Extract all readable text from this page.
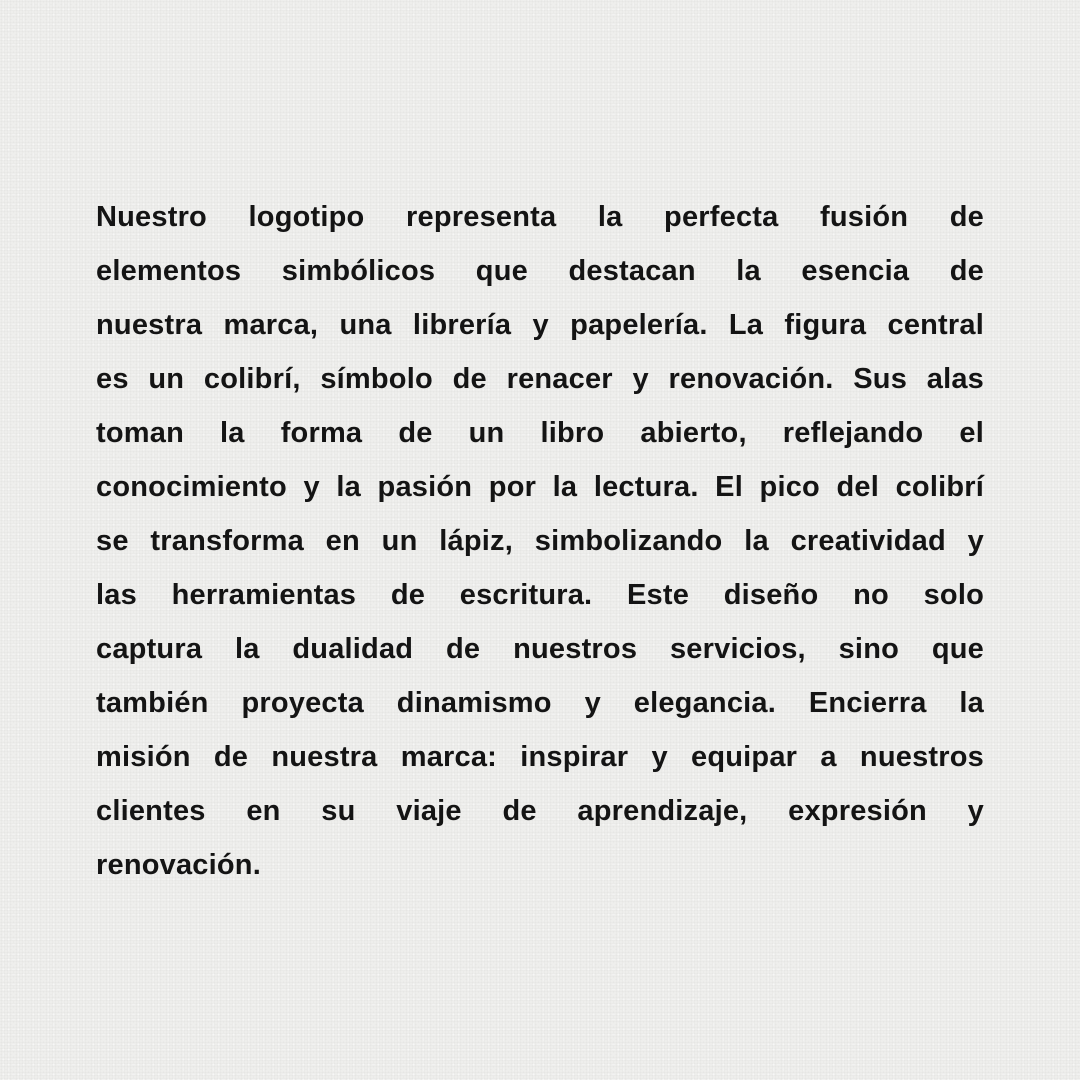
Nuestro logotipo representa la perfecta fusión de
elementos simbólicos que destacan la esencia de
nuestra marca, una librería y papelería. La figura central
es un colibrí, símbolo de renacer y renovación. Sus alas
toman la forma de un libro abierto, reflejando el
conocimiento y la pasión por la lectura. El pico del colibrí
se transforma en un lápiz, simbolizando la creatividad y
las herramientas de escritura. Este diseño no solo
captura la dualidad de nuestros servicios, sino que
también proyecta dinamismo y elegancia. Encierra la
misión de nuestra marca: inspirar y equipar a nuestros
clientes en su viaje de aprendizaje, expresión y
renovación.
